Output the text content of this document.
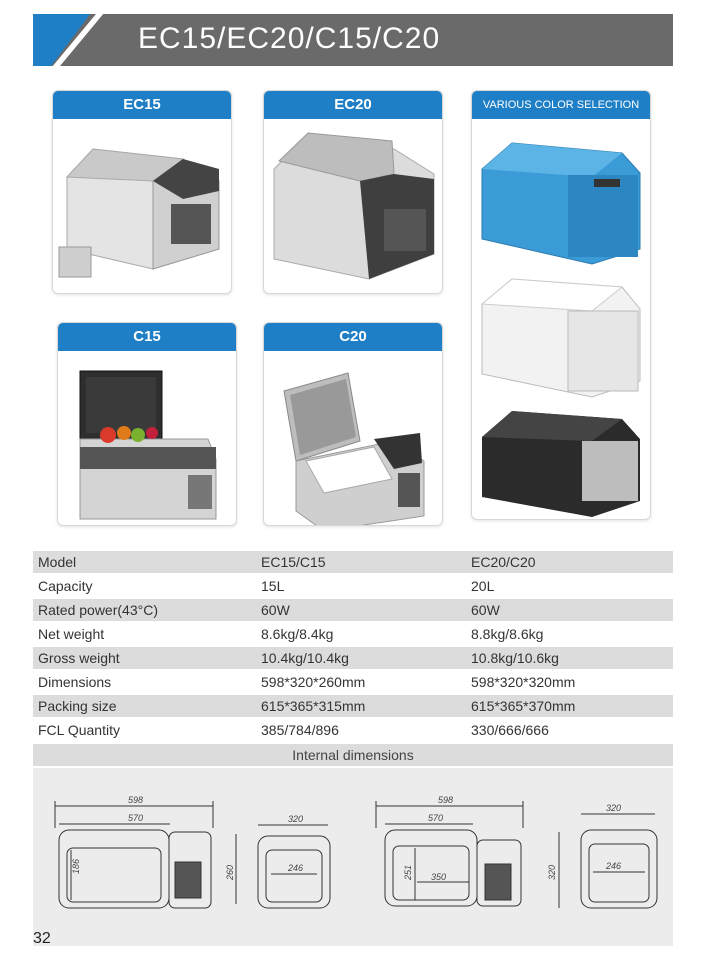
EC15/EC20/C15/C20
EC15	EC20	VARIOUS COLOR SELECTION
C15	C20
Model	EC15/C15	EC20/C20
Capacity	15L	20L
Rated power(43°C)	60W	60W
Net weight	8.6kg/8.4kg	8.8kg/8.6kg
Gross weight	10.4kg/10.4kg	10.8kg/10.6kg
Dimensions	598*320*260mm	598*320*320mm
Packing size	615*365*315mm	615*365*370mm
FCL Quantity	385/784/896	330/666/666
Internal dimensions
598
570
186
320
246
260
598
570
251 350
320
246
320
32
